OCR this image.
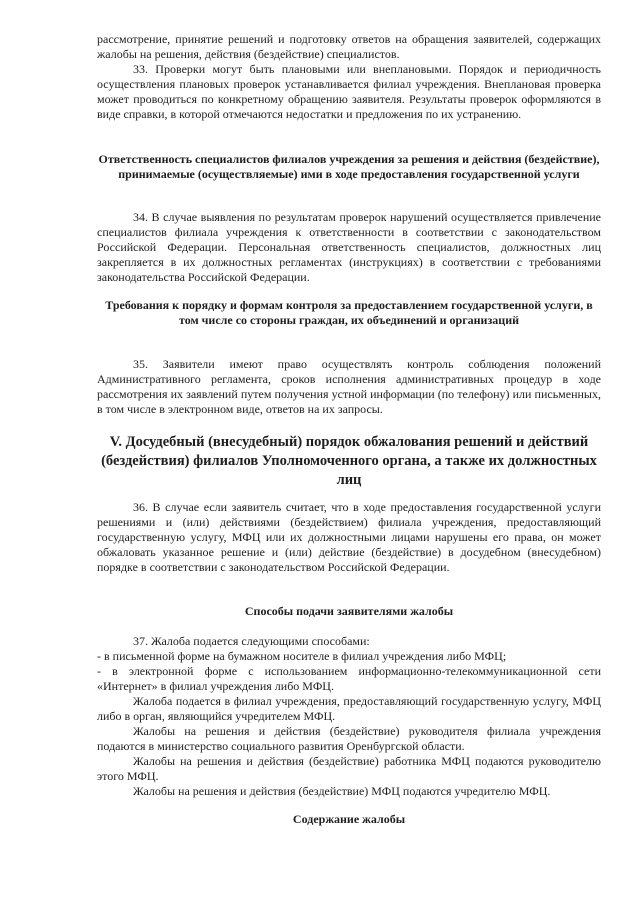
рассмотрение, принятие решений и подготовку ответов на обращения заявителей, содержащих жалобы на решения, действия (бездействие) специалистов.

33. Проверки могут быть плановыми или внеплановыми. Порядок и периодичность осуществления плановых проверок устанавливается филиал учреждения. Внеплановая проверка может проводиться по конкретному обращению заявителя. Результаты проверок оформляются в виде справки, в которой отмечаются недостатки и предложения по их устранению.

Ответственность специалистов филиалов учреждения за решения и действия (бездействие), принимаемые (осуществляемые) ими в ходе предоставления государственной услуги

34. В случае выявления по результатам проверок нарушений осуществляется привлечение специалистов филиала учреждения к ответственности в соответствии с законодательством Российской Федерации. Персональная ответственность специалистов, должностных лиц закрепляется в их должностных регламентах (инструкциях) в соответствии с требованиями законодательства Российской Федерации.

Требования к порядку и формам контроля за предоставлением государственной услуги, в том числе со стороны граждан, их объединений и организаций

35. Заявители имеют право осуществлять контроль соблюдения положений Административного регламента, сроков исполнения административных процедур в ходе рассмотрения их заявлений путем получения устной информации (по телефону) или письменных, в том числе в электронном виде, ответов на их запросы.

V. Досудебный (внесудебный) порядок обжалования решений и действий (бездействия) филиалов Уполномоченного органа, а также их должностных лиц

36. В случае если заявитель считает, что в ходе предоставления государственной услуги решениями и (или) действиями (бездействием) филиала учреждения, предоставляющий государственную услугу, МФЦ или их должностными лицами нарушены его права, он может обжаловать указанное решение и (или) действие (бездействие) в досудебном (внесудебном) порядке в соответствии с законодательством Российской Федерации.

Способы подачи заявителями жалобы

37. Жалоба подается следующими способами:

- в письменной форме на бумажном носителе в филиал учреждения либо МФЦ;

- в электронной форме с использованием информационно-телекоммуникационной сети «Интернет» в филиал учреждения либо МФЦ.

Жалоба подается в филиал учреждения, предоставляющий государственную услугу, МФЦ либо в орган, являющийся учредителем МФЦ.

Жалобы на решения и действия (бездействие) руководителя филиала учреждения подаются в министерство социального развития Оренбургской области.

Жалобы на решения и действия (бездействие) работника МФЦ подаются руководителю этого МФЦ.

Жалобы на решения и действия (бездействие) МФЦ подаются учредителю МФЦ.

Содержание жалобы
